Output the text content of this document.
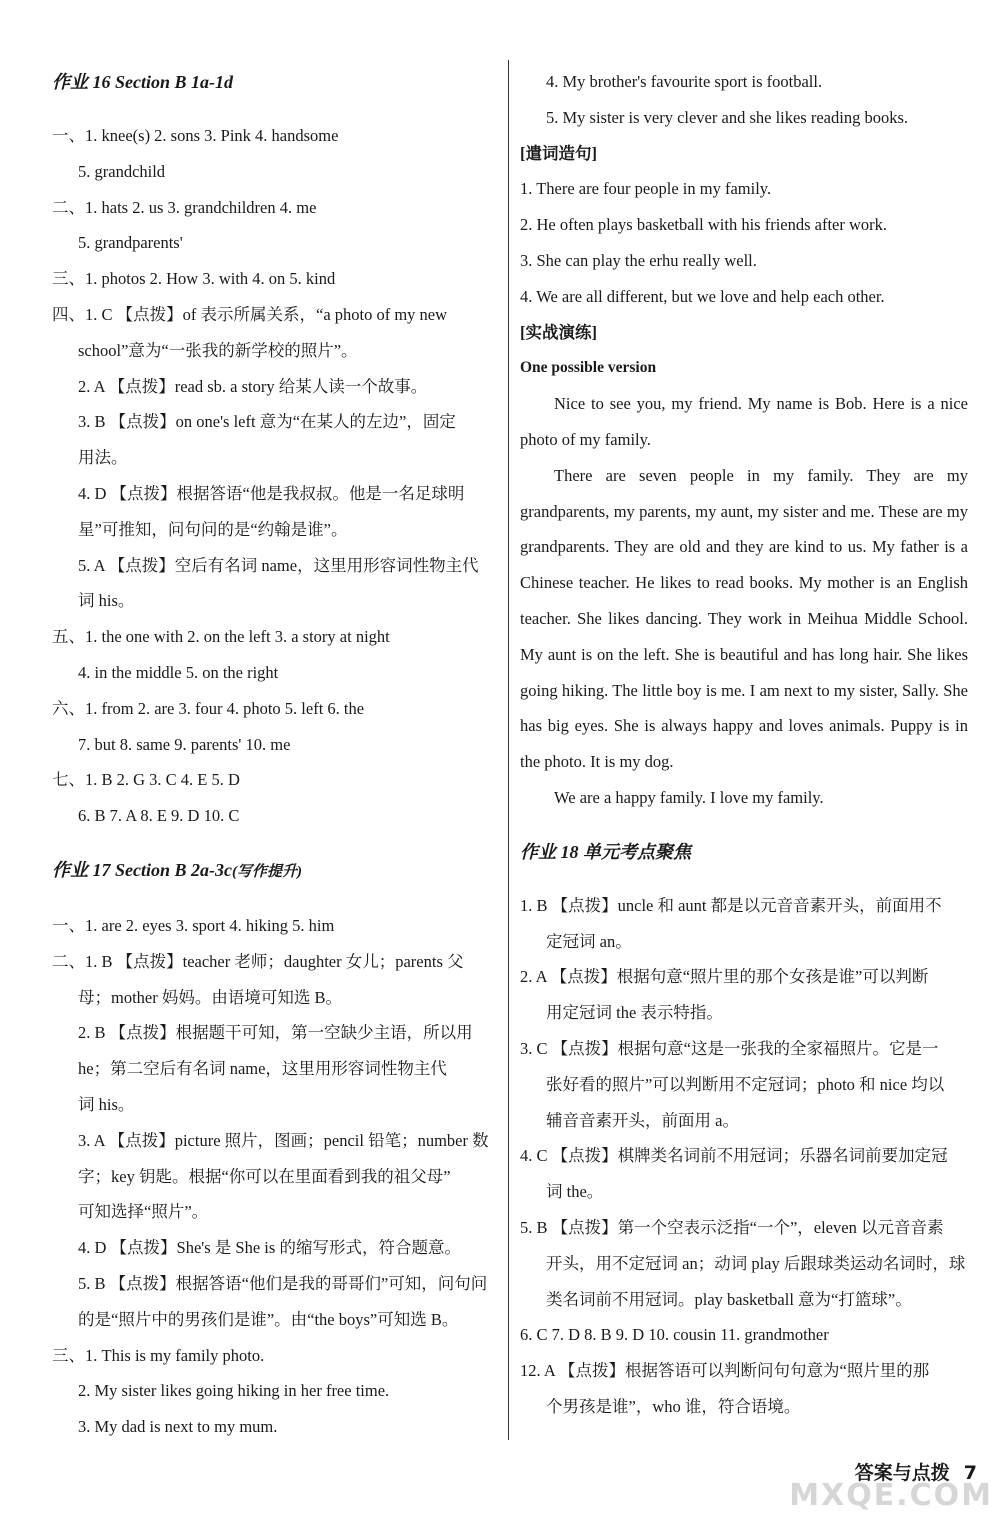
作业 16 Section B 1a-1d
一、1. knee(s) 2. sons 3. Pink 4. handsome
5. grandchild
二、1. hats 2. us 3. grandchildren 4. me
5. grandparents'
三、1. photos 2. How 3. with 4. on 5. kind
四、1. C 【点拨】of 表示所属关系，“a photo of my new
school”意为“一张我的新学校的照片”。
2. A 【点拨】read sb. a story 给某人读一个故事。
3. B 【点拨】on one's left 意为“在某人的左边”，固定
用法。
4. D 【点拨】根据答语“他是我叔叔。他是一名足球明
星”可推知，问句问的是“约翰是谁”。
5. A 【点拨】空后有名词 name，这里用形容词性物主代
词 his。
五、1. the one with 2. on the left 3. a story at night
4. in the middle 5. on the right
六、1. from 2. are 3. four 4. photo 5. left 6. the
7. but 8. same 9. parents' 10. me
七、1. B 2. G 3. C 4. E 5. D
6. B 7. A 8. E 9. D 10. C
作业 17 Section B 2a-3c(写作提升)
一、1. are 2. eyes 3. sport 4. hiking 5. him
二、1. B 【点拨】teacher 老师；daughter 女儿；parents 父
母；mother 妈妈。由语境可知选 B。
2. B 【点拨】根据题干可知，第一空缺少主语，所以用
he；第二空后有名词 name，这里用形容词性物主代
词 his。
3. A 【点拨】picture 照片，图画；pencil 铅笔；number 数
字；key 钥匙。根据“你可以在里面看到我的祖父母”
可知选择“照片”。
4. D 【点拨】She's 是 She is 的缩写形式，符合题意。
5. B 【点拨】根据答语“他们是我的哥哥们”可知，问句问
的是“照片中的男孩们是谁”。由“the boys”可知选 B。
三、1. This is my family photo.
2. My sister likes going hiking in her free time.
3. My dad is next to my mum.
4. My brother's favourite sport is football.
5. My sister is very clever and she likes reading books.
[遣词造句]
1. There are four people in my family.
2. He often plays basketball with his friends after work.
3. She can play the erhu really well.
4. We are all different, but we love and help each other.
[实战演练]
One possible version

Nice to see you, my friend. My name is Bob. Here is a nice photo of my family.

There are seven people in my family. They are my grandparents, my parents, my aunt, my sister and me. These are my grandparents. They are old and they are kind to us. My father is a Chinese teacher. He likes to read books. My mother is an English teacher. She likes dancing. They work in Meihua Middle School. My aunt is on the left. She is beautiful and has long hair. She likes going hiking. The little boy is me. I am next to my sister, Sally. She has big eyes. She is always happy and loves animals. Puppy is in the photo. It is my dog.

We are a happy family. I love my family.

作业 18 单元考点聚焦
1. B 【点拨】uncle 和 aunt 都是以元音音素开头，前面用不
定冠词 an。
2. A 【点拨】根据句意“照片里的那个女孩是谁”可以判断
用定冠词 the 表示特指。
3. C 【点拨】根据句意“这是一张我的全家福照片。它是一
张好看的照片”可以判断用不定冠词；photo 和 nice 均以
辅音音素开头，前面用 a。
4. C 【点拨】棋牌类名词前不用冠词；乐器名词前要加定冠
词 the。
5. B 【点拨】第一个空表示泛指“一个”，eleven 以元音音素
开头，用不定冠词 an；动词 play 后跟球类运动名词时，球
类名词前不用冠词。play basketball 意为“打篮球”。
6. C 7. D 8. B 9. D 10. cousin 11. grandmother
12. A 【点拨】根据答语可以判断问句句意为“照片里的那
个男孩是谁”，who 谁，符合语境。
答案与点拨 7
MXQE.COM
